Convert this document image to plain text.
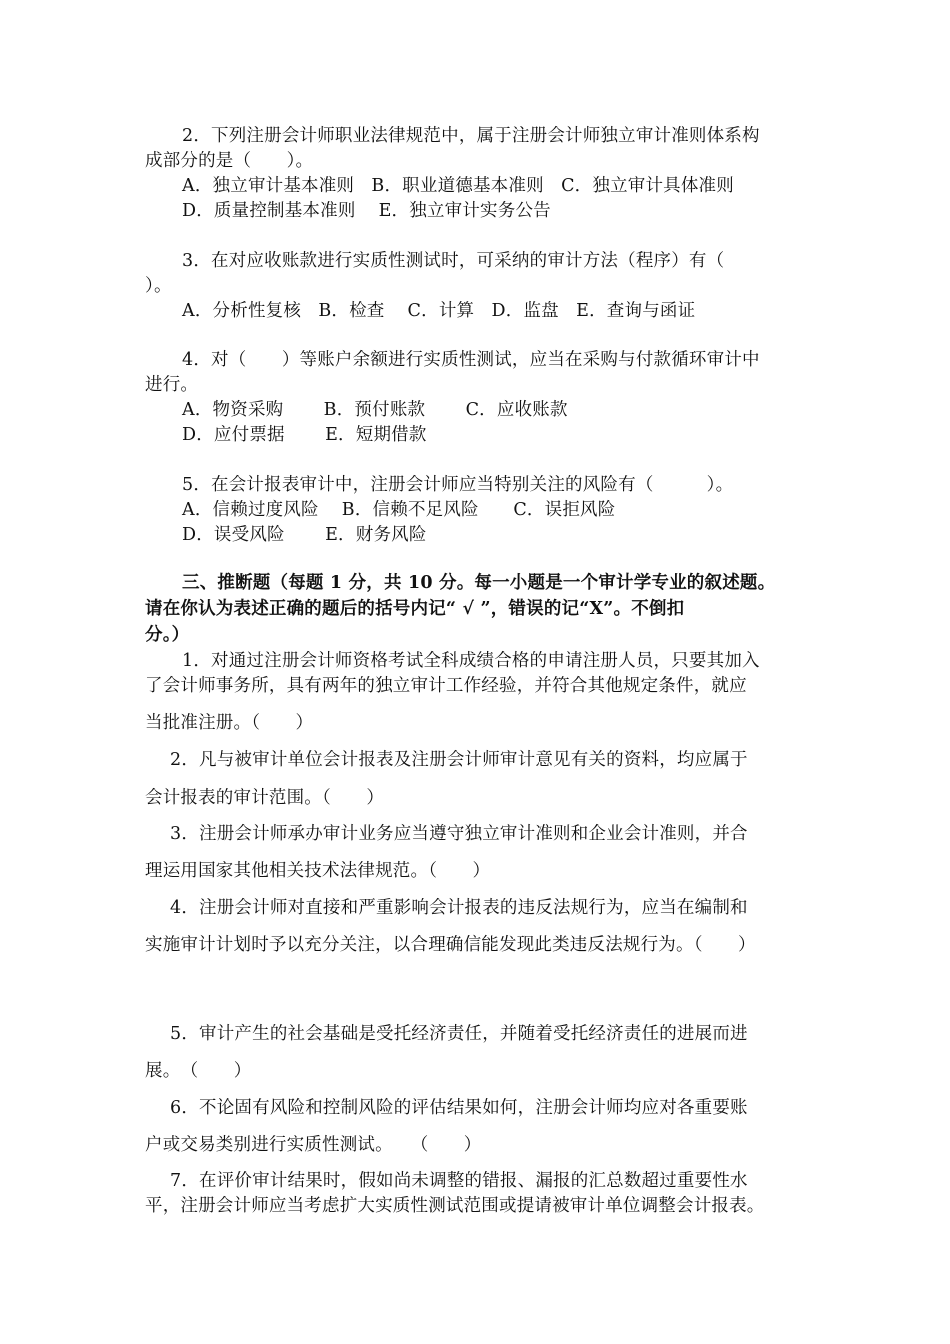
2．下列注册会计师职业法律规范中，属于注册会计师独立审计准则体系构
成部分的是（　　）。
A．独立审计基本准则   B．职业道德基本准则   C．独立审计具体准则
D．质量控制基本准则    E．独立审计实务公告
3．在对应收账款进行实质性测试时，可采纳的审计方法（程序）有（
）。
A．分析性复核   B．检查    C．计算   D．监盘   E．查询与函证
4．对（　　）等账户余额进行实质性测试，应当在采购与付款循环审计中
进行。
A．物资采购       B．预付账款       C．应收账款
D．应付票据       E．短期借款
5．在会计报表审计中，注册会计师应当特别关注的风险有（　　　）。
A．信赖过度风险    B．信赖不足风险      C．误拒风险
D．误受风险       E．财务风险
三、推断题（每题 1 分，共 10 分。每一小题是一个审计学专业的叙述题。
请在你认为表述正确的题后的括号内记“ √ ”，错误的记“X”。不倒扣
分。）
1．对通过注册会计师资格考试全科成绩合格的申请注册人员，只要其加入
了会计师事务所，具有两年的独立审计工作经验，并符合其他规定条件，就应
当批准注册。（　　）
2．凡与被审计单位会计报表及注册会计师审计意见有关的资料，均应属于
会计报表的审计范围。（　　）
3．注册会计师承办审计业务应当遵守独立审计准则和企业会计准则，并合
理运用国家其他相关技术法律规范。（　　）
4．注册会计师对直接和严重影响会计报表的违反法规行为，应当在编制和
实施审计计划时予以充分关注，以合理确信能发现此类违反法规行为。（　　）
5．审计产生的社会基础是受托经济责任，并随着受托经济责任的进展而进
展。　（　　）
6．不论固有风险和控制风险的评估结果如何，注册会计师均应对各重要账
户或交易类别进行实质性测试。　　（　　）
7．在评价审计结果时，假如尚未调整的错报、漏报的汇总数超过重要性水
平，注册会计师应当考虑扩大实质性测试范围或提请被审计单位调整会计报表。
